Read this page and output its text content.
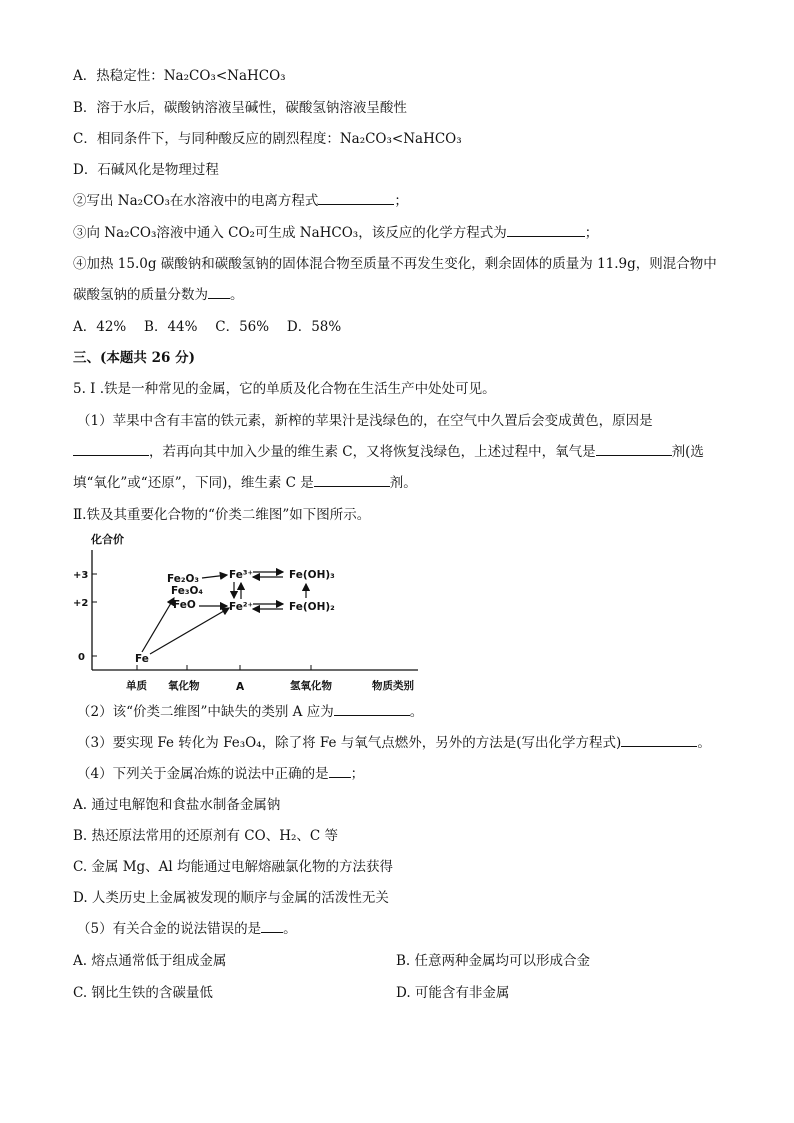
A．热稳定性：Na₂CO₃<NaHCO₃
B．溶于水后，碳酸钠溶液呈碱性，碳酸氢钠溶液呈酸性
C．相同条件下，与同种酸反应的剧烈程度：Na₂CO₃<NaHCO₃
D．石碱风化是物理过程
②写出 Na₂CO₃在水溶液中的电离方程式	；
③向 Na₂CO₃溶液中通入 CO₂可生成 NaHCO₃，该反应的化学方程式为	；
④加热 15.0g 碳酸钠和碳酸氢钠的固体混合物至质量不再发生变化，剩余固体的质量为 11.9g，则混合物中
碳酸氢钠的质量分数为 。
A．42%　 B．44%　 C．56%　 D．58%
三、(本题共 26 分)
5. I .铁是一种常见的金属，它的单质及化合物在生活生产中处处可见。
（1）苹果中含有丰富的铁元素，新榨的苹果汁是浅绿色的，在空气中久置后会变成黄色，原因是
，若再向其中加入少量的维生素 C，又将恢复浅绿色，上述过程中，氧气是	剂(选
填“氧化”或“还原”，下同)，维生素 C 是	剂。
Ⅱ.铁及其重要化合物的“价类二维图”如下图所示。
化合价
+3
+2
0
单质 氧化物	A	氢氧化物	物质类别
Fe
Fe₂O₃
Fe₃O₄
FeO
Fe³⁺
Fe²⁺
Fe(OH)₃
Fe(OH)₂
（2）该“价类二维图”中缺失的类别 A 应为	。
（3）要实现 Fe 转化为 Fe₃O₄，除了将 Fe 与氧气点燃外，另外的方法是(写出化学方程式)	。
（4）下列关于金属冶炼的说法中正确的是 ；
A. 通过电解饱和食盐水制备金属钠
B. 热还原法常用的还原剂有 CO、H₂、C 等
C. 金属 Mg、Al 均能通过电解熔融氯化物的方法获得
D. 人类历史上金属被发现的顺序与金属的活泼性无关
（5）有关合金的说法错误的是 。
A. 熔点通常低于组成金属	B. 任意两种金属均可以形成合金
C. 钢比生铁的含碳量低	D. 可能含有非金属
